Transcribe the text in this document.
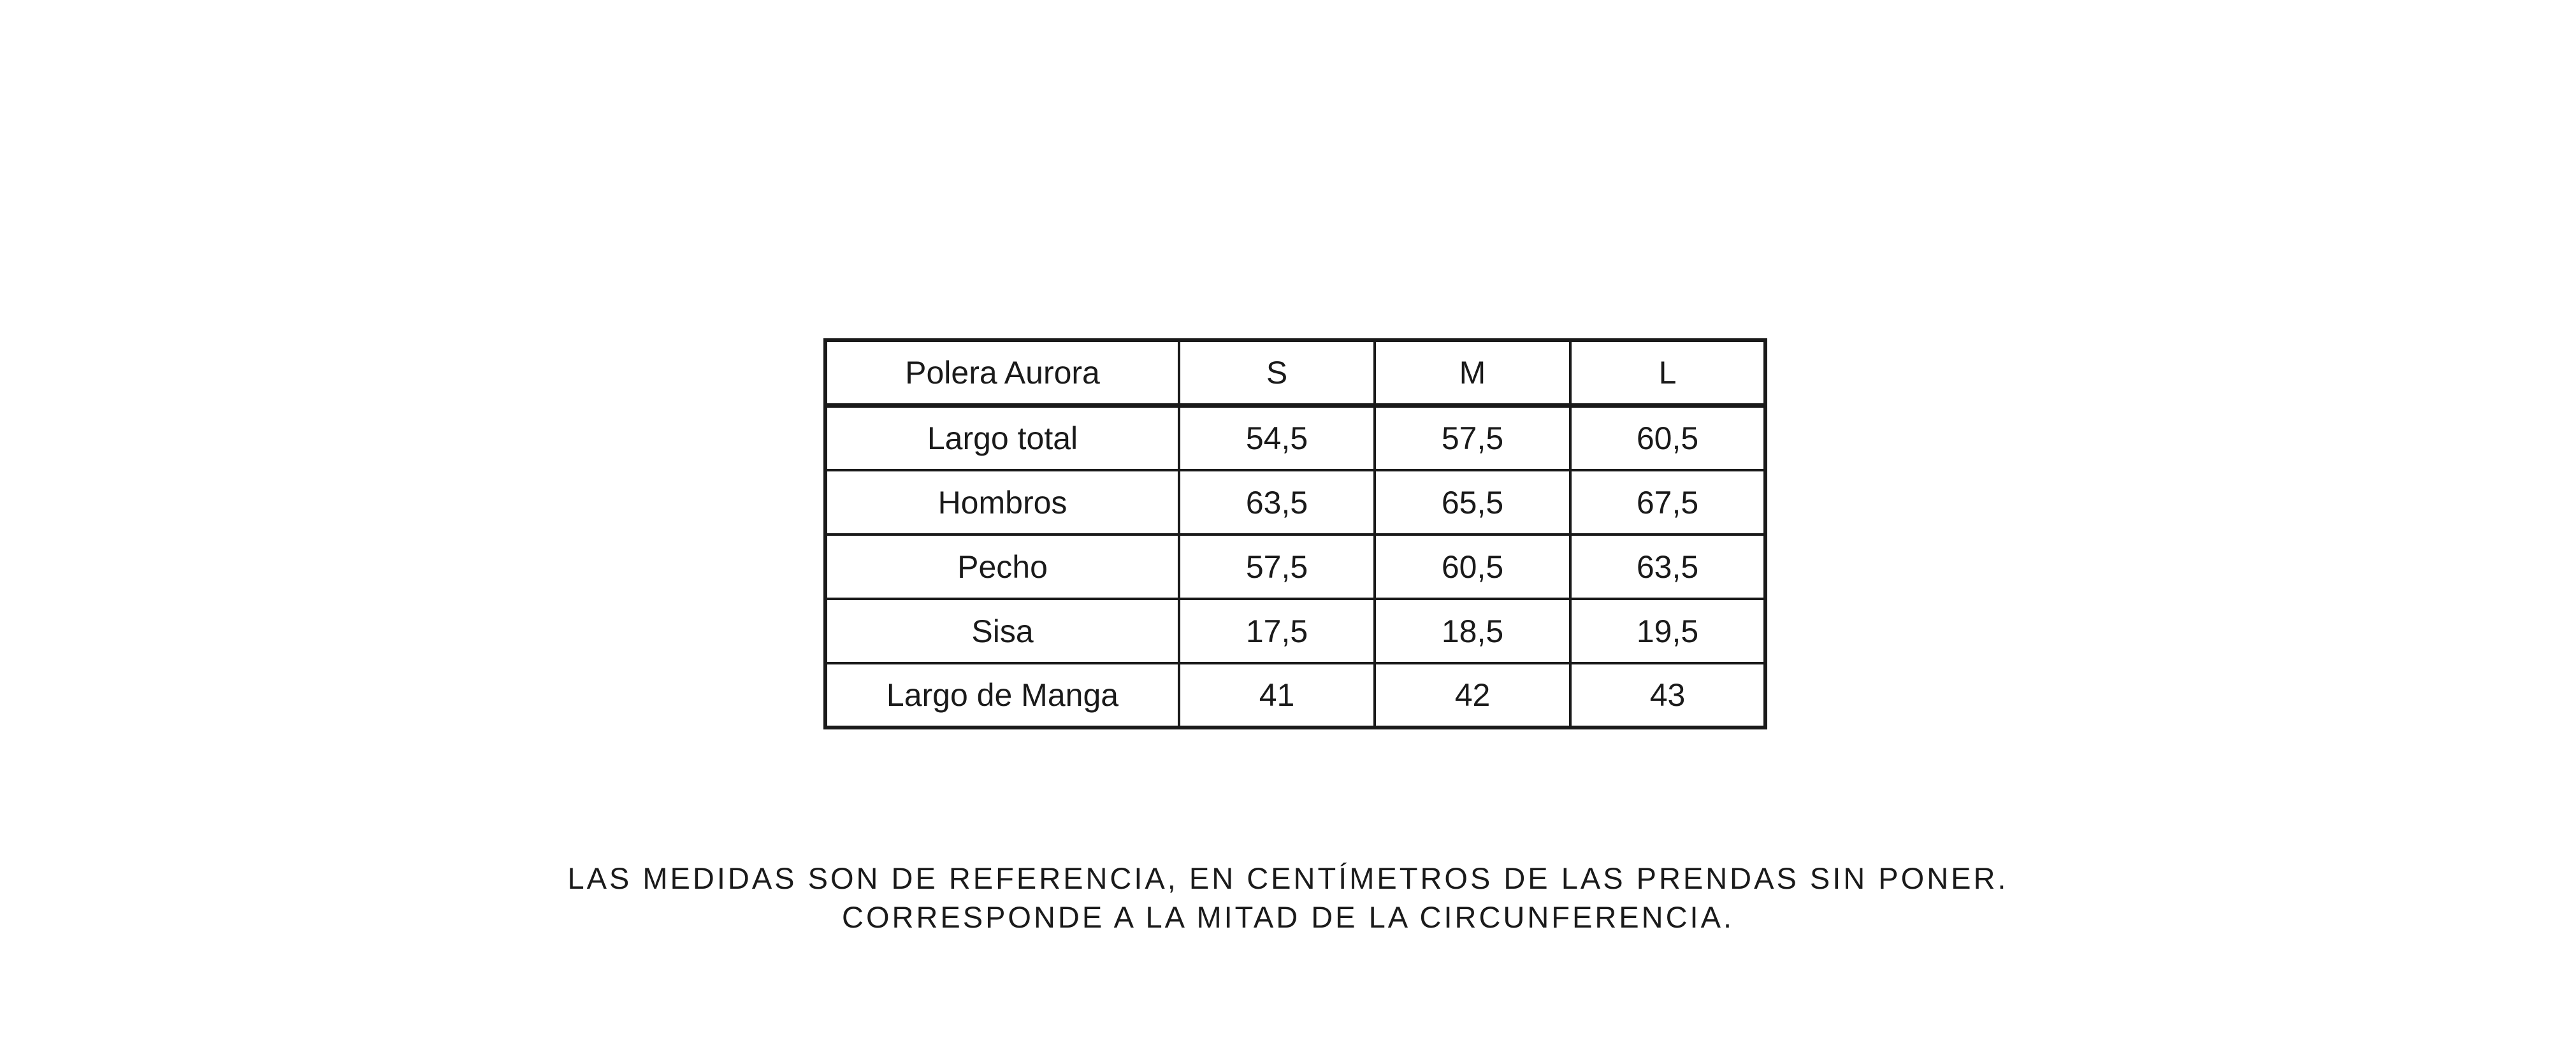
Polera Aurora	S	M	L
Largo total	54,5	57,5	60,5
Hombros	63,5	65,5	67,5
Pecho	57,5	60,5	63,5
Sisa	17,5	18,5	19,5
Largo de Manga	41	42	43
LAS MEDIDAS SON DE REFERENCIA, EN CENTÍMETROS DE LAS PRENDAS SIN PONER.
CORRESPONDE A LA MITAD DE LA CIRCUNFERENCIA.
